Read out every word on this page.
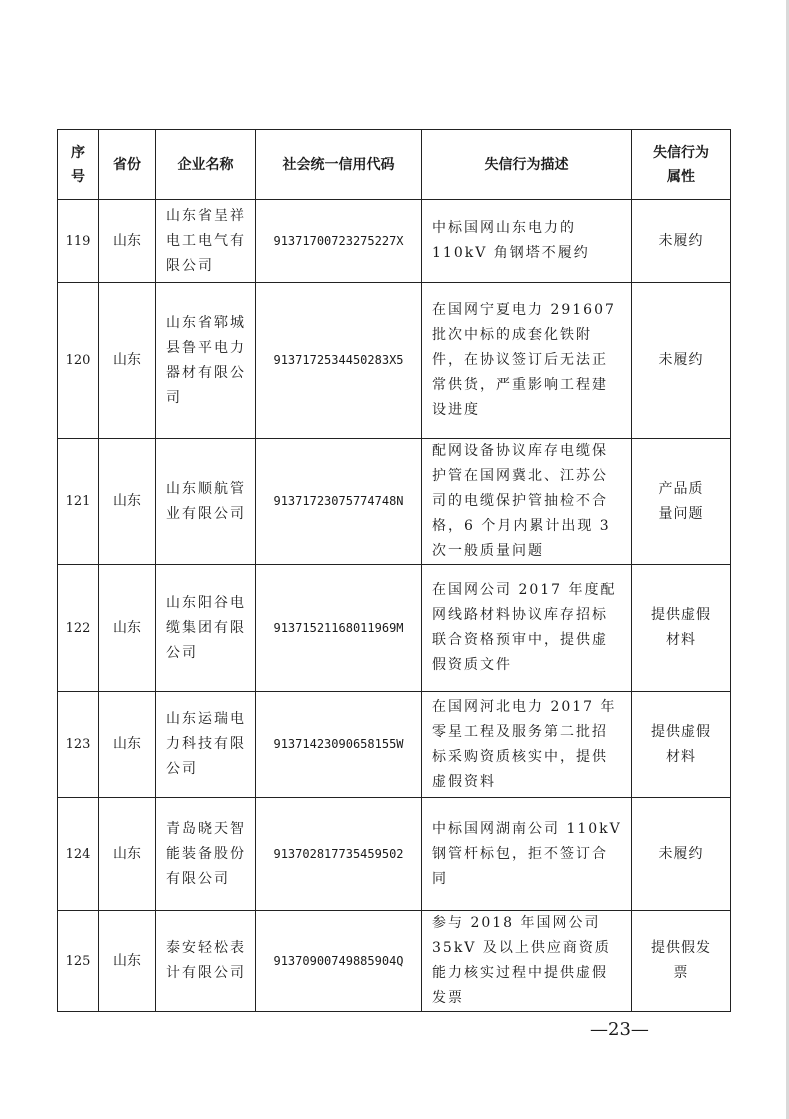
序号	省份	企业名称	社会统一信用代码	失信行为描述	失信行为属性
119	山东	山东省呈祥电工电气有限公司	91371700723275227X	中标国网山东电力的 110kV 角钢塔不履约	未履约
120	山东	山东省郓城县鲁平电力器材有限公司	9137172534450283X5	在国网宁夏电力 291607 批次中标的成套化铁附件，在协议签订后无法正常供货，严重影响工程建设进度	未履约
121	山东	山东顺航管业有限公司	91371723075774748N	配网设备协议库存电缆保护管在国网冀北、江苏公司的电缆保护管抽检不合格，6 个月内累计出现 3 次一般质量问题	产品质量问题
122	山东	山东阳谷电缆集团有限公司	91371521168011969M	在国网公司 2017 年度配网线路材料协议库存招标联合资格预审中，提供虚假资质文件	提供虚假材料
123	山东	山东运瑞电力科技有限公司	91371423090658155W	在国网河北电力 2017 年零星工程及服务第二批招标采购资质核实中，提供虚假资料	提供虚假材料
124	山东	青岛晓天智能装备股份有限公司	913702817735459502	中标国网湖南公司 110kV 钢管杆标包，拒不签订合同	未履约
125	山东	泰安轻松表计有限公司	91370900749885904Q	参与 2018 年国网公司 35kV 及以上供应商资质能力核实过程中提供虚假发票	提供假发票
—23—
